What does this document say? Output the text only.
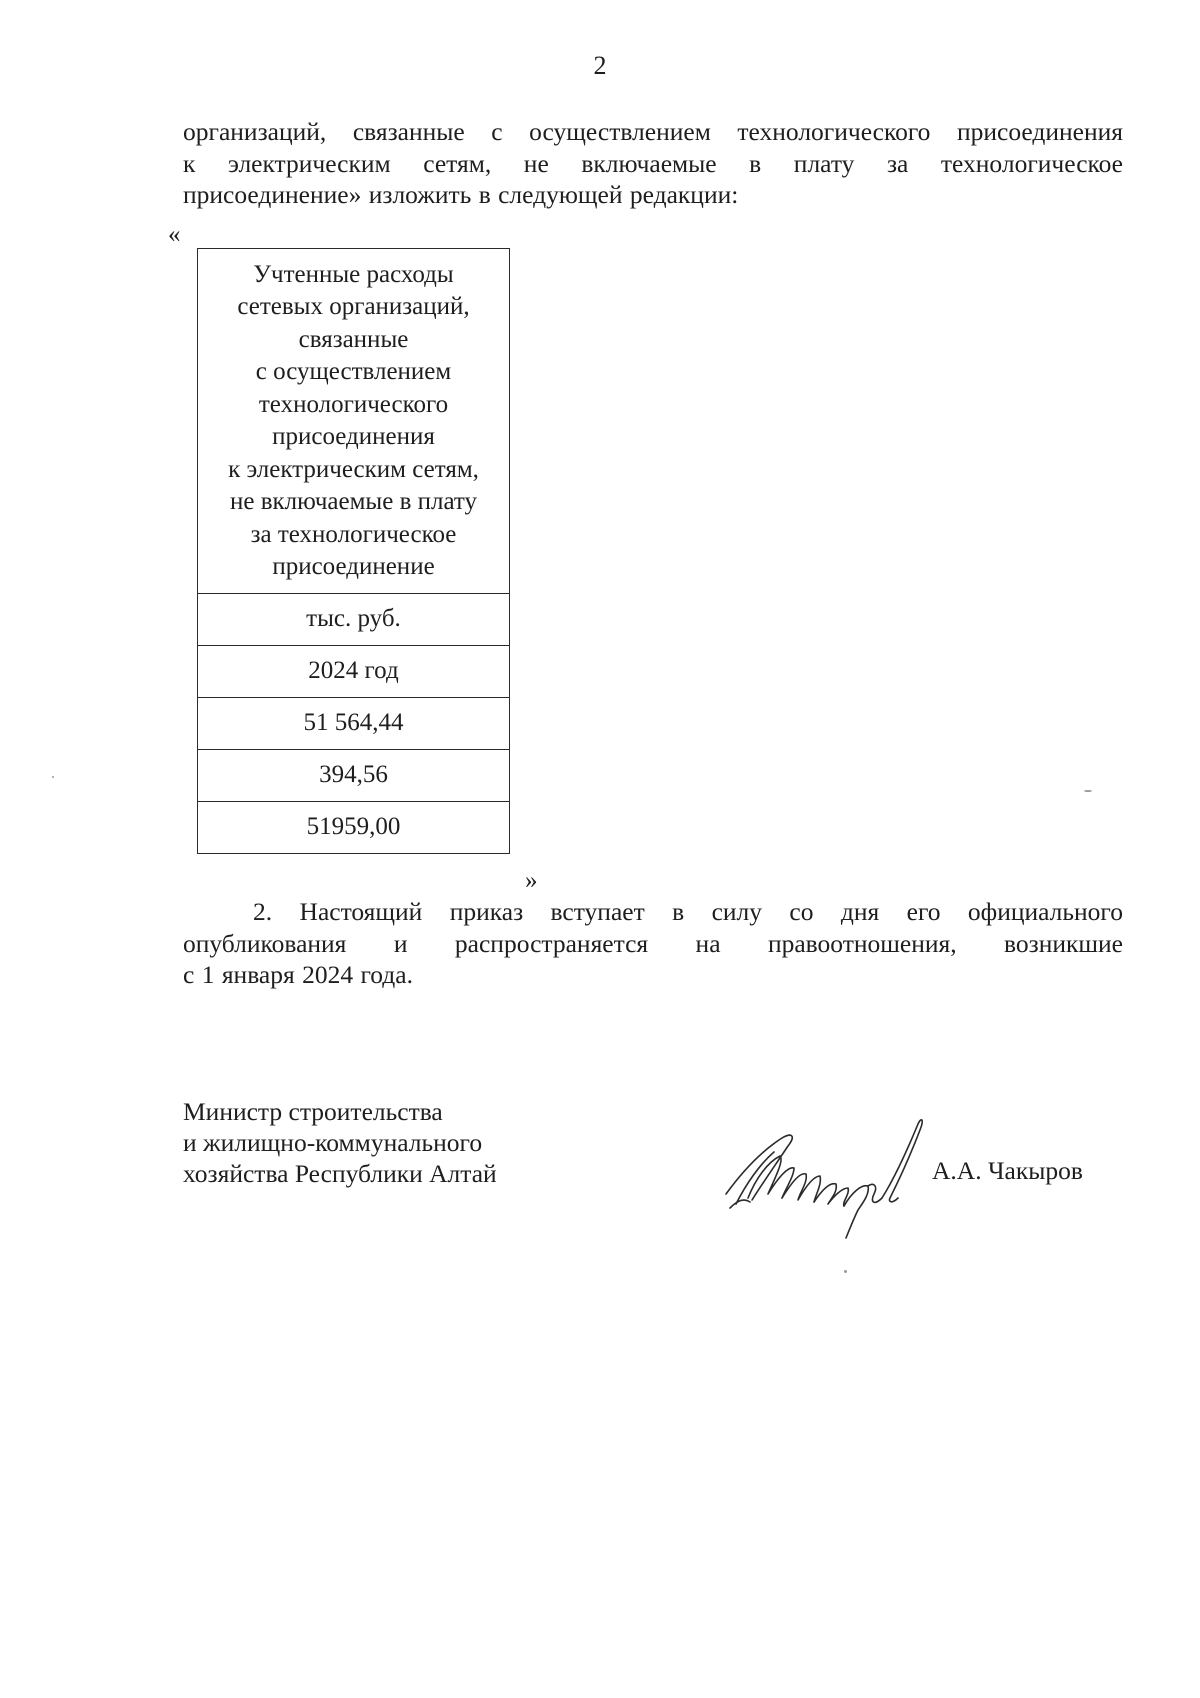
2
организаций, связанные с осуществлением технологического присоединения
к электрическим сетям, не включаемые в плату за технологическое
присоединение» изложить в следующей редакции:
«
Учтенные расходы
сетевых организаций,
связанные
с осуществлением
технологического
присоединения
к электрическим сетям,
не включаемые в плату
за технологическое
присоединение

тыс. руб.
2024 год
51 564,44
394,56
51959,00
»
2. Настоящий приказ вступает в силу со дня его официального
опубликования и распространяется на правоотношения, возникшие
с 1 января 2024 года.
Министр строительства
и жилищно-коммунального
хозяйства Республики Алтай	А.А. Чакыров
